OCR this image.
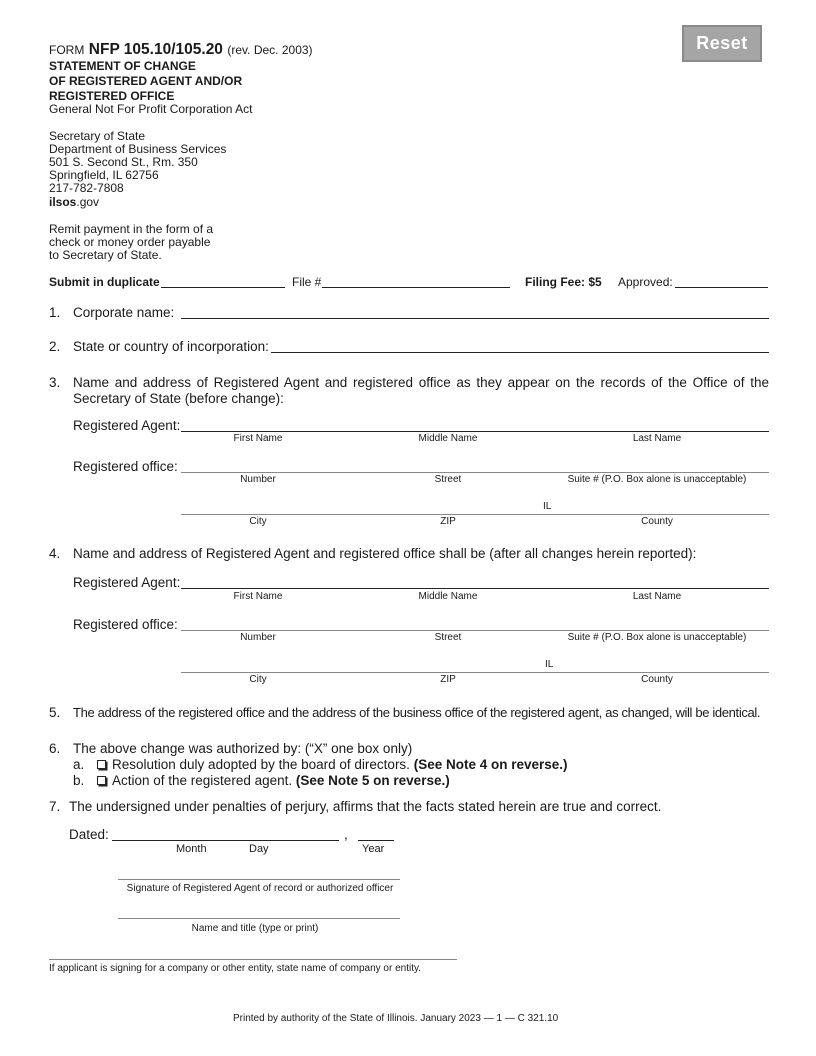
Reset
FORM NFP 105.10/105.20 (rev. Dec. 2003)
STATEMENT OF CHANGE
OF REGISTERED AGENT AND/OR
REGISTERED OFFICE
General Not For Profit Corporation Act
Secretary of State
Department of Business Services
501 S. Second St., Rm. 350
Springfield, IL 62756
217-782-7808
ilsos.gov
Remit payment in the form of a
check or money order payable
to Secretary of State.
Submit in duplicate	File #	Filing Fee: $5 Approved:
1. Corporate name:
2. State or country of incorporation:
3. Name and address of Registered Agent and registered office as they appear on the records of the Office of the Secretary of State (before change):
Registered Agent:
First Name	Middle Name	Last Name
Registered office:
Number	Street	Suite # (P.O. Box alone is unacceptable)
IL
City	ZIP	County
4. Name and address of Registered Agent and registered office shall be (after all changes herein reported):
Registered Agent:
First Name	Middle Name	Last Name
Registered office:
Number	Street	Suite # (P.O. Box alone is unacceptable)
IL
City	ZIP	County
5. The address of the registered office and the address of the business office of the registered agent, as changed, will be identical.
6. The above change was authorized by: (“X” one box only)
a.	Resolution duly adopted by the board of directors. (See Note 4 on reverse.)
b.	Action of the registered agent. (See Note 5 on reverse.)
7. The undersigned under penalties of perjury, affirms that the facts stated herein are true and correct.
Dated:	,
Month	Day	Year
Signature of Registered Agent of record or authorized officer
Name and title (type or print)
If applicant is signing for a company or other entity, state name of company or entity.
Printed by authority of the State of Illinois. January 2023 — 1 — C 321.10
